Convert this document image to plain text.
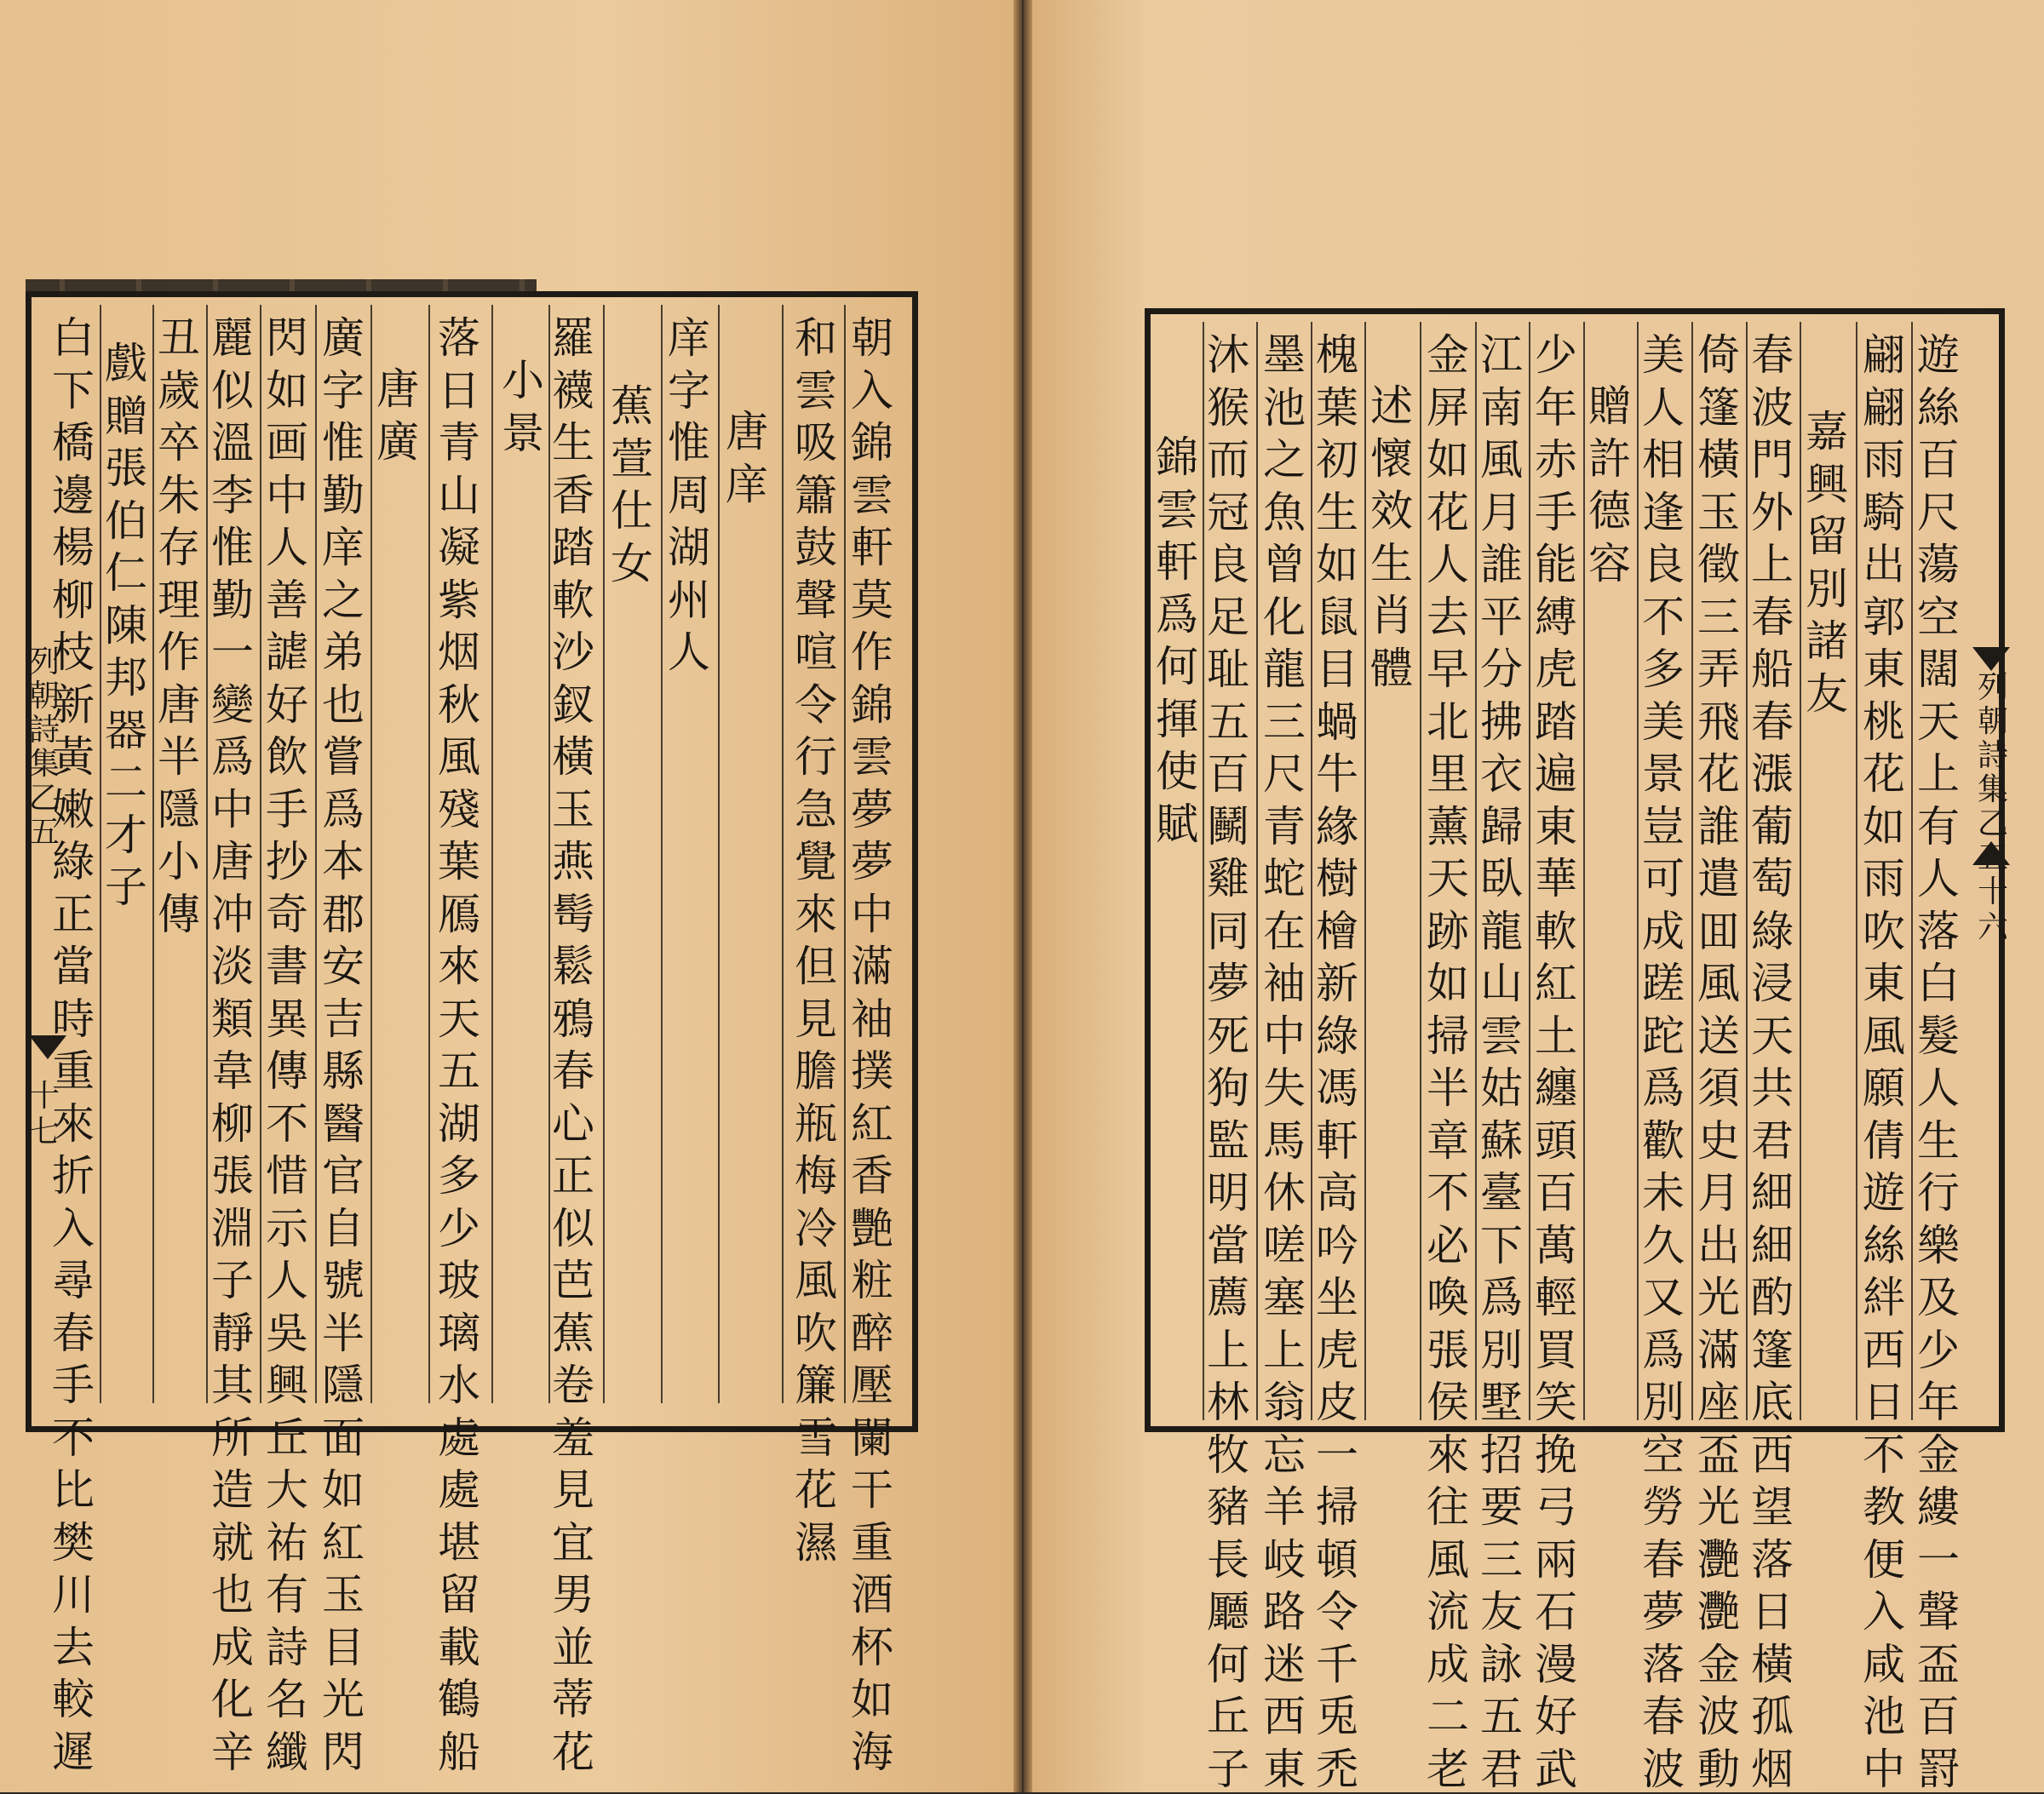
列
朝
詩
集
乙
五
十
七
列
朝
詩
集
乙
五
十
六
朝
入
錦
雲
軒
莫
作
錦
雲
夢
夢
中
滿
袖
撲
紅
香
艷
粧
醉
壓
闌
干
重
酒
杯
如
海
和
雲
吸
簫
鼓
聲
喧
令
行
急
覺
來
但
見
膽
瓶
梅
冷
風
吹
簾
雪
花
濕
唐
庠
庠
字
惟
周
湖
州
人
蕉
萱
仕
女
羅
襪
生
香
踏
軟
沙
釵
橫
玉
燕
髩
鬆
鴉
春
心
正
似
芭
蕉
卷
羞
見
宜
男
並
蒂
花
小
景
落
日
青
山
凝
紫
烟
秋
風
殘
葉
鴈
來
天
五
湖
多
少
玻
璃
水
處
處
堪
留
載
鶴
船
唐
廣
廣
字
惟
勤
庠
之
弟
也
嘗
爲
本
郡
安
吉
縣
醫
官
自
號
半
隱
面
如
紅
玉
目
光
閃
閃
如
画
中
人
善
謔
好
飲
手
抄
奇
書
異
傳
不
惜
示
人
吳
興
丘
大
祐
有
詩
名
纖
麗
似
溫
李
惟
勤
一
變
爲
中
唐
冲
淡
類
韋
柳
張
淵
子
靜
其
所
造
就
也
成
化
辛
丑
歲
卒
朱
存
理
作
唐
半
隱
小
傳
戲
贈
張
伯
仁
陳
邦
器
二
才
子
白
下
橋
邊
楊
柳
枝
新
黃
嫩
綠
正
當
時
重
來
折
入
尋
春
手
不
比
樊
川
去
較
遲
遊
絲
百
尺
蕩
空
闊
天
上
有
人
落
白
髮
人
生
行
樂
及
少
年
金
縷
一
聲
盃
百
罸
翩
翩
雨
騎
出
郭
東
桃
花
如
雨
吹
東
風
願
倩
遊
絲
絆
西
日
不
教
便
入
咸
池
中
嘉
興
留
別
諸
友
春
波
門
外
上
春
船
春
漲
葡
萄
綠
浸
天
共
君
細
細
酌
篷
底
西
望
落
日
橫
孤
烟
倚
篷
橫
玉
徵
三
弄
飛
花
誰
遣
囬
風
送
須
史
月
出
光
滿
座
盃
光
灧
灧
金
波
動
美
人
相
逢
良
不
多
美
景
豈
可
成
蹉
跎
爲
歡
未
久
又
爲
別
空
勞
春
夢
落
春
波
贈
許
德
容
少
年
赤
手
能
縛
虎
踏
遍
東
華
軟
紅
土
纏
頭
百
萬
輕
買
笑
挽
弓
兩
石
漫
好
武
江
南
風
月
誰
平
分
拂
衣
歸
臥
龍
山
雲
姑
蘇
臺
下
爲
別
墅
招
要
三
友
詠
五
君
金
屏
如
花
人
去
早
北
里
薰
天
跡
如
掃
半
章
不
必
喚
張
侯
來
往
風
流
成
二
老
述
懷
效
生
肖
體
槐
葉
初
生
如
鼠
目
蝸
牛
緣
樹
檜
新
綠
馮
軒
高
吟
坐
虎
皮
一
掃
頓
令
千
兎
禿
墨
池
之
魚
曾
化
龍
三
尺
青
蛇
在
袖
中
失
馬
休
嗟
塞
上
翁
忘
羊
岐
路
迷
西
東
沐
猴
而
冠
良
足
耻
五
百
鬭
雞
同
夢
死
狗
監
明
當
薦
上
林
牧
豬
長
㕔
何
丘
子
錦
雲
軒
爲
何
揮
使
賦
